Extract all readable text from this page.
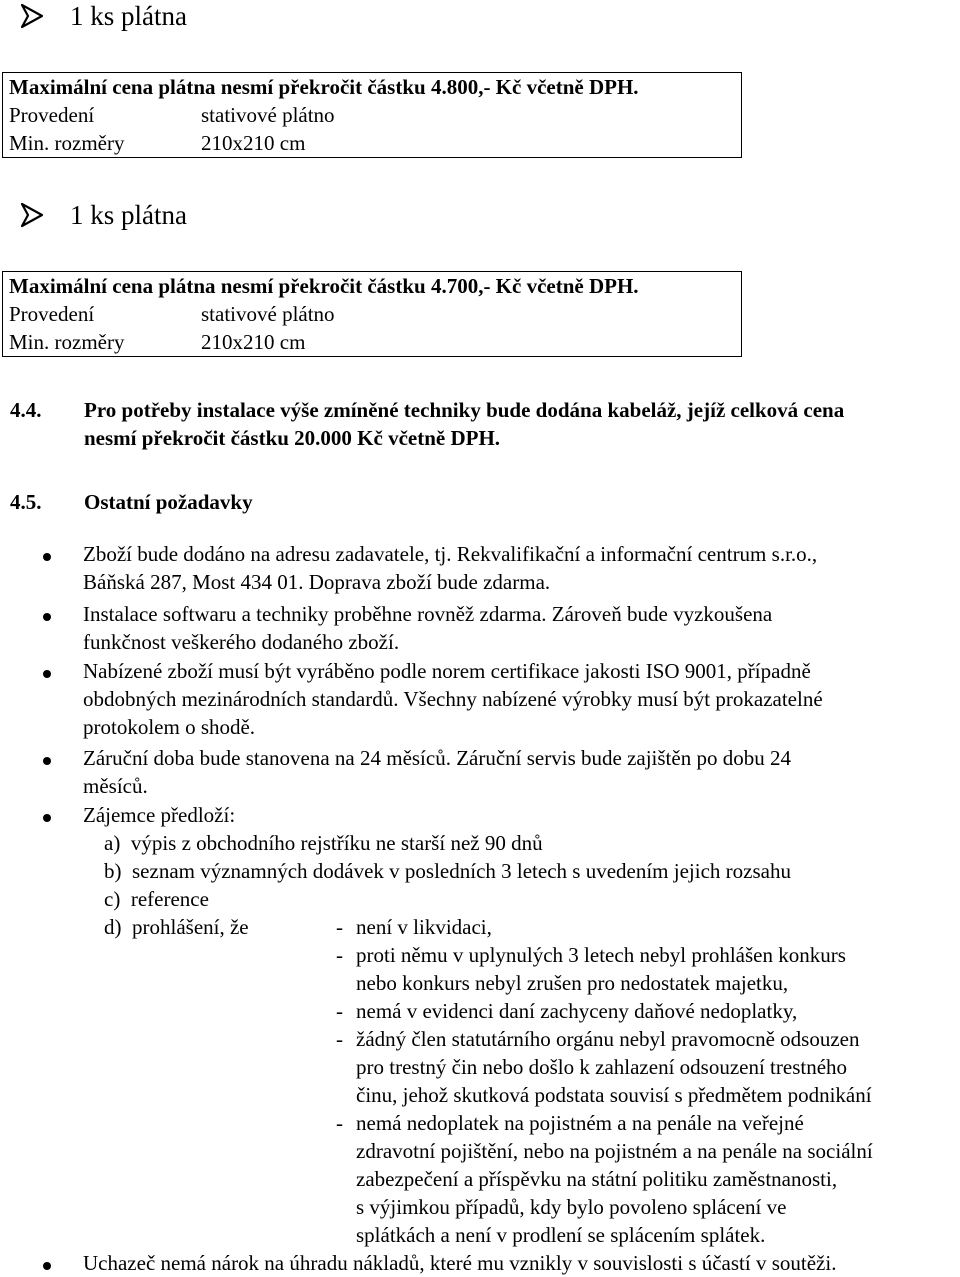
1 ks plátna
Maximální cena plátna nesmí překročit částku 4.800,- Kč včetně DPH.
Provedení	stativové plátno
Min. rozměry	210x210 cm
1 ks plátna
Maximální cena plátna nesmí překročit částku 4.700,- Kč včetně DPH.
Provedení	stativové plátno
Min. rozměry	210x210 cm
4.4. Pro potřeby instalace výše zmíněné techniky bude dodána kabeláž, jejíž celková cena
nesmí překročit částku 20.000 Kč včetně DPH.
4.5. Ostatní požadavky
Zboží bude dodáno na adresu zadavatele, tj. Rekvalifikační a informační centrum s.r.o.,
Báňská 287, Most 434 01. Doprava zboží bude zdarma.
Instalace softwaru a techniky proběhne rovněž zdarma. Zároveň bude vyzkoušena
funkčnost veškerého dodaného zboží.
Nabízené zboží musí být vyráběno podle norem certifikace jakosti ISO 9001, případně
obdobných mezinárodních standardů. Všechny nabízené výrobky musí být prokazatelné
protokolem o shodě.
Záruční doba bude stanovena na 24 měsíců. Záruční servis bude zajištěn po dobu 24
měsíců.
Zájemce předloží:
Uchazeč nemá nárok na úhradu nákladů, které mu vznikly v souvislosti s účastí v soutěži.
a) výpis z obchodního rejstříku ne starší než 90 dnů
b) seznam významných dodávek v posledních 3 letech s uvedením jejich rozsahu
c) reference
d) prohlášení, že	- není v likvidaci,
- proti němu v uplynulých 3 letech nebyl prohlášen konkurs
nebo konkurs nebyl zrušen pro nedostatek majetku,
- nemá v evidenci daní zachyceny daňové nedoplatky,
- žádný člen statutárního orgánu nebyl pravomocně odsouzen
pro trestný čin nebo došlo k zahlazení odsouzení trestného
činu, jehož skutková podstata souvisí s předmětem podnikání
- nemá nedoplatek na pojistném a na penále na veřejné
zdravotní pojištění, nebo na pojistném a na penále na sociální
zabezpečení a příspěvku na státní politiku zaměstnanosti,
s výjimkou případů, kdy bylo povoleno splácení ve
splátkách a není v prodlení se splácením splátek.
